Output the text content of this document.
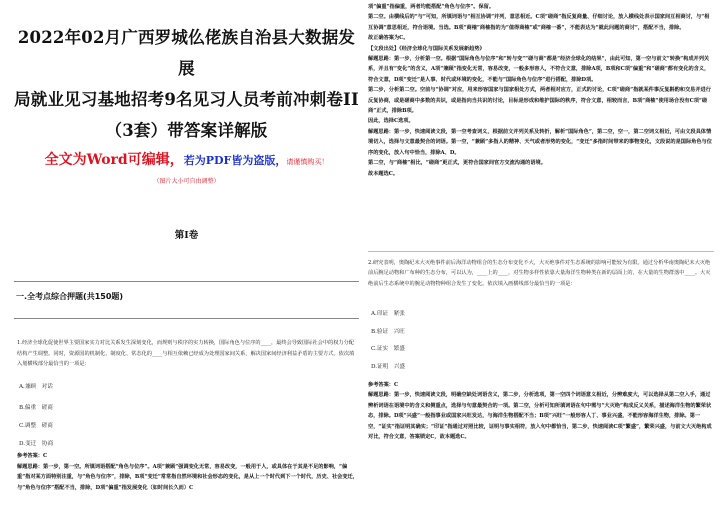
2022年02月广西罗城仫佬族自治县大数据发展
局就业见习基地招考9名见习人员考前冲刺卷II
（3套）带答案详解版
全文为Word可编辑，若为PDF皆为盗版，请谨慎购买！
（图片大小可自由调整）
第I卷
一.全考点综合押题(共150题)
1.经济全球化促使世界主要国家实力对比关系发生深刻变化，而规则与秩序的实力转换，国际角色与位序的____，最终会导致国际社会中的权力分配结构产生调整。同时，资源国的机制化、制度化、常态化的____与相互依赖已经成为处理国家间关系，解决国家间经济利益矛盾的主要方式。依次填入划横线部分最恰当的一项是：
A.兼顾　对话
B.偏重　磋商
C.调整　磋商
D.变迁　协商
参考答案：C
解题思路：第一步，第一空。所填词语搭配“角色与位序”。A项“兼顾”强调变化无常，容易改变，一般用于人，或具体在于其是不足的影响，“偏重”指对某方面特别注重，与“角色与位序”，排除，B项“变迁”常常指自然环境和社会形态的变化，是从上一个时代到下一个时代，历史、社会变迁，与“角色与位序”搭配不当，排除，D项“偏重”指发展变化（如时间长久而）C
项“偏重”指偏重，两者均能搭配“角色与位序”。保留。
第二空。由横线后的“与”可知，所填词语与“相互协调”并列，意思相近。C项“磋商”指反复商量、仔细讨论，放入横线处表示国家间互相商讨，与“相互协调”意思相近，符合语境。当选。B项“商榷”商榷指的为“值得商榷”或“商榷一番”，不能表达为“就此问题的商讨”，搭配不当，排除。
故正确答案为C。
【文段出处】《经济全球化与国际关系发展新趋势》
解题思路：第一步，分析第一空。根据“国际角色与位序”和“转与变”“磋与商”都是“经济全球化的结果”，由此可知，第一空与前文“转换”构成并列关系，并且有“变化”的含义，A项“兼顾”指变化无常，容易改变，一般多形容人，不符合文意，排除A项，B项和C项“偏重”和“磋商”都有变化的含义，符合文意，D项“变迁”是人事、时代或环境的变化，不能与“国际角色与位序”进行搭配，排除D项。
第二步，分析第二空。空前与“协调”对应，用来形容国家与国家相处方式，两者相对应方，正式的讨论，C项“磋商”指就某件事反复斟酌和交易并进行反复协商，或是磋商中多数的共识，或是指向当共识的讨论，目标是形成和维护国际的秩序，符合文意，相较而言，B项“商榷”使用场合没有C项“磋商”正式，排除B项。
因此，选择C选项。
解题思路：第一步，快速阅读文段，第一空考查词义，根据前文并列关系及转折，解析“国际角色”，第二空，空一，第二空词义相近，可由文段具体情境切入，选择与文意最契合的词语。第一空，“兼顾”多指人的精神、天气或者形势的变化，“变迁”多指时间带来的事物变化，文段说的是国际角色与位序的变化，放入句中恰当，排除A、D。
第二空，与“商榷”相比，“磋商”更正式，更符合国家间官方交流沟通的语境。
故本题选C。
2.研究表明，奥陶纪末大灭绝事件前后海洋动物组合的生态分布变化不大，大灭绝事件对生态系统的影响可能较为有限。通过分析华南奥陶纪末大灭绝前后腕足动物和广布种的生态分布，可以认为，____上的____，对生物多样性依靠大量海洋生物种类在新的层面上的，在大量的生物群落中____。大灭绝前后生态系统中的腕足动物物种组合发生了变化。依次填入画横线部分最恰当的一项是：
A.印证　紧张
B.验证　兴旺
C.证实　繁盛
D.证明　兴盛
参考答案：C
解题思路：第一步，快速阅读文段，明确空缺处词语含义，第二步，分析选项，第一空四个词语意义相近，分辨难度大，可以选择从第二空入手，通过辨析词语在语境中的含义和侧重点，选择与句意最契合的一项。第二空，分析可知所填词语在句中需与“大灭绝”构成反义关系，描述海洋生物的繁荣状态，排除。D项“兴盛”一般指事业或国家兴旺发达，与海洋生物搭配不当；B项“兴旺”一般形容人丁、事业兴盛，不能形容海洋生物，排除。第一空，“证实”指证明其确实；“印证”指通过对照比较，证明与事实相符，放入句中都恰当，第二步，快速阅读C项“繁盛”，繁荣兴盛，与前文大灭绝构成对比，符合文意，答案锁定C，故本题选C。
